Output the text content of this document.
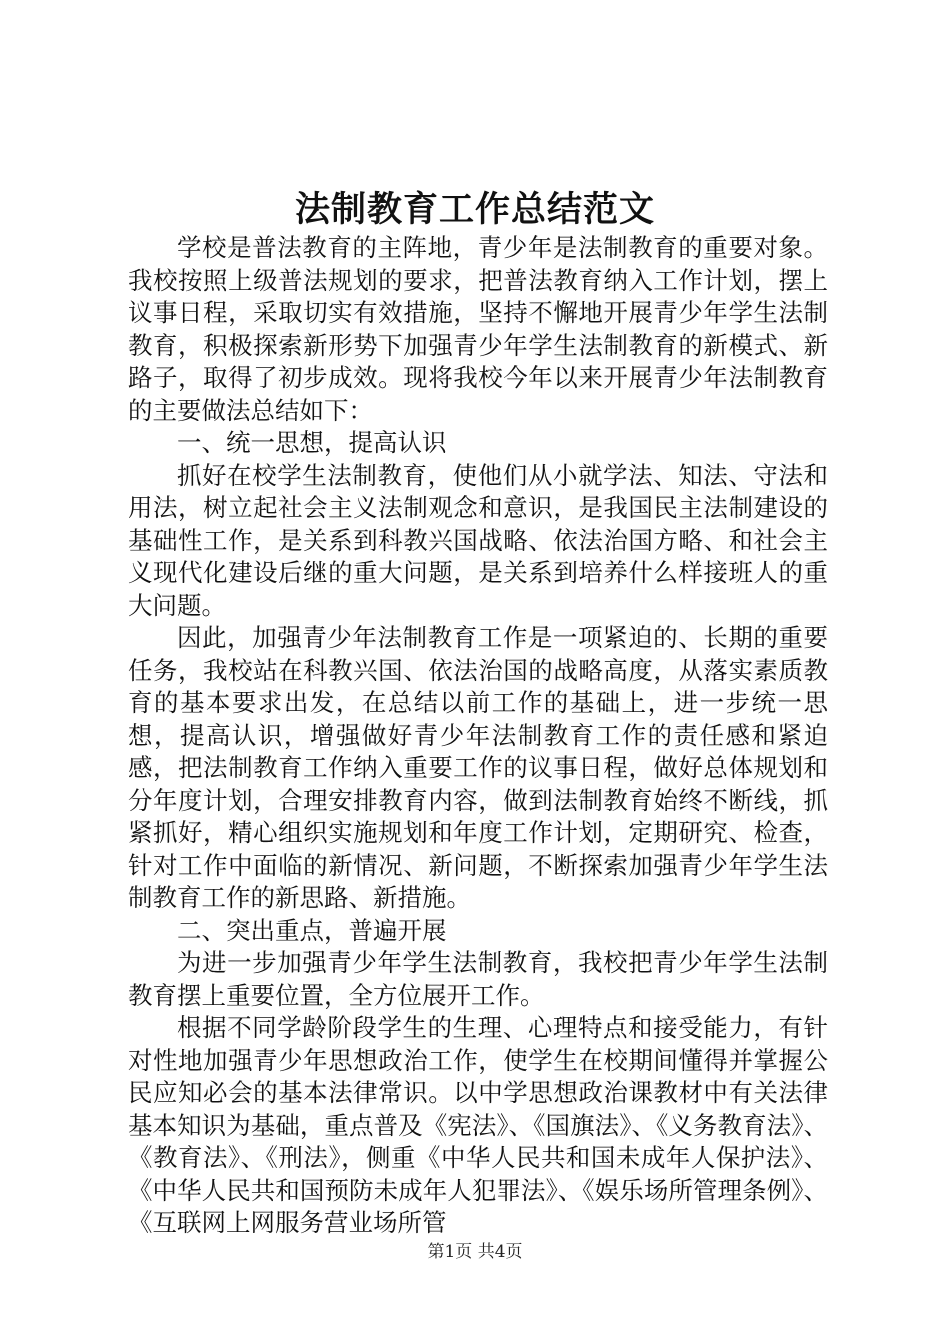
法制教育工作总结范文

学校是普法教育的主阵地，青少年是法制教育的重要对象。我校按照上级普法规划的要求，把普法教育纳入工作计划，摆上议事日程，采取切实有效措施，坚持不懈地开展青少年学生法制教育，积极探索新形势下加强青少年学生法制教育的新模式、新路子，取得了初步成效。现将我校今年以来开展青少年法制教育的主要做法总结如下：

一、统一思想，提高认识

抓好在校学生法制教育，使他们从小就学法、知法、守法和用法，树立起社会主义法制观念和意识，是我国民主法制建设的基础性工作，是关系到科教兴国战略、依法治国方略、和社会主义现代化建设后继的重大问题，是关系到培养什么样接班人的重大问题。

因此，加强青少年法制教育工作是一项紧迫的、长期的重要任务，我校站在科教兴国、依法治国的战略高度，从落实素质教育的基本要求出发，在总结以前工作的基础上，进一步统一思想，提高认识，增强做好青少年法制教育工作的责任感和紧迫感，把法制教育工作纳入重要工作的议事日程，做好总体规划和分年度计划，合理安排教育内容，做到法制教育始终不断线，抓紧抓好，精心组织实施规划和年度工作计划，定期研究、检查，针对工作中面临的新情况、新问题，不断探索加强青少年学生法制教育工作的新思路、新措施。

二、突出重点，普遍开展

为进一步加强青少年学生法制教育，我校把青少年学生法制教育摆上重要位置，全方位展开工作。

根据不同学龄阶段学生的生理、心理特点和接受能力，有针对性地加强青少年思想政治工作，使学生在校期间懂得并掌握公民应知必会的基本法律常识。以中学思想政治课教材中有关法律基本知识为基础，重点普及《宪法》、《国旗法》、《义务教育法》、《教育法》、《刑法》，侧重《中华人民共和国未成年人保护法》、《中华人民共和国预防未成年人犯罪法》、《娱乐场所管理条例》、《互联网上网服务营业场所管

第1页 共4页
